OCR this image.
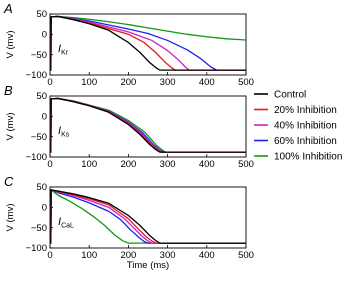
A	50
0
−50
−100
0	100 200 300 400 500
V (mv)	IKr
B	50
0
−50
−100
0	100 200 300 400 500
V (mv)	IKs
C 50
0
−50
−100
0	100 200 300 400 500
V (mv)
Time (ms)
ICaL
Control
20% Inhibition
40% Inhibition
60% Inhibition
100% Inhibition
